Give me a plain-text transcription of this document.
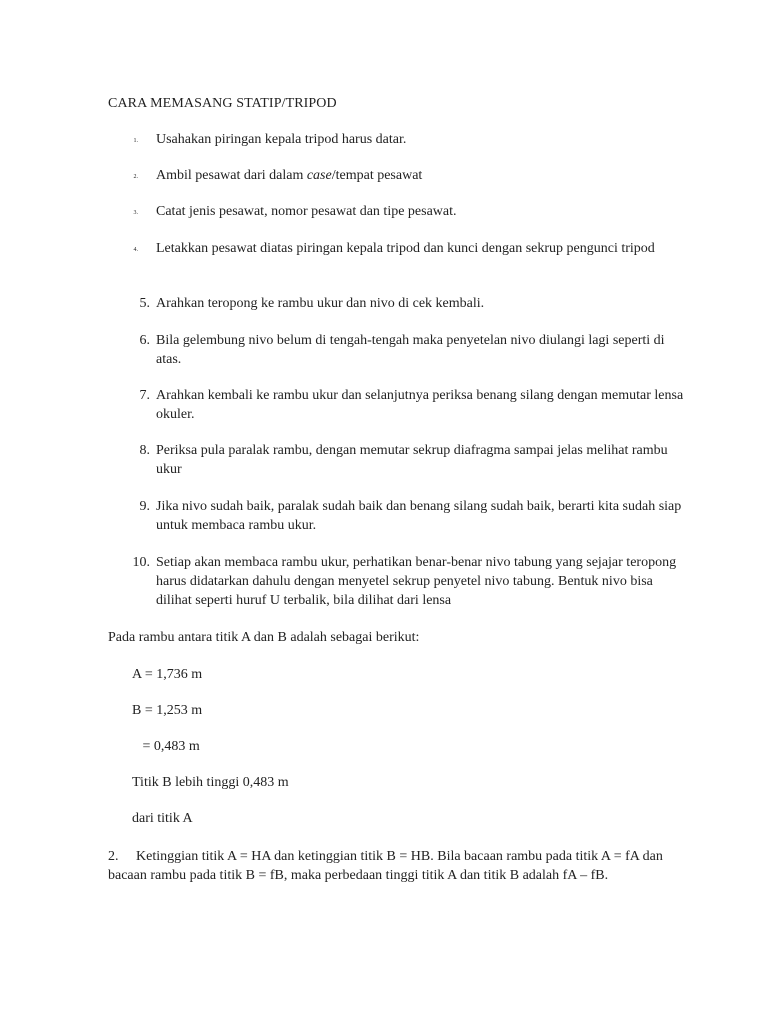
CARA MEMASANG STATIP/TRIPOD
1. Usahakan piringan kepala tripod harus datar.
2. Ambil pesawat dari dalam case/tempat pesawat
3. Catat jenis pesawat, nomor pesawat dan tipe pesawat.
4. Letakkan pesawat diatas piringan kepala tripod dan kunci dengan sekrup pengunci tripod
5. Arahkan teropong ke rambu ukur dan nivo di cek kembali.
6. Bila gelembung nivo belum di tengah-tengah maka penyetelan nivo diulangi lagi seperti di atas.
7. Arahkan kembali ke rambu ukur dan selanjutnya periksa benang silang dengan memutar lensa okuler.
8. Periksa pula paralak rambu, dengan memutar sekrup diafragma sampai jelas melihat rambu ukur
9. Jika nivo sudah baik, paralak sudah baik dan benang silang sudah baik, berarti kita sudah siap untuk membaca rambu ukur.
10. Setiap akan membaca rambu ukur, perhatikan benar-benar nivo tabung yang sejajar teropong harus didatarkan dahulu dengan menyetel sekrup penyetel nivo tabung. Bentuk nivo bisa dilihat seperti huruf U terbalik, bila dilihat dari lensa
Pada rambu antara titik A dan B adalah sebagai berikut:
A = 1,736 m
B = 1,253 m
= 0,483 m
Titik B lebih tinggi 0,483 m
dari titik A
2. Ketinggian titik A = HA dan ketinggian titik B = HB. Bila bacaan rambu pada titik A = fA dan bacaan rambu pada titik B = fB, maka perbedaan tinggi titik A dan titik B adalah fA – fB.
